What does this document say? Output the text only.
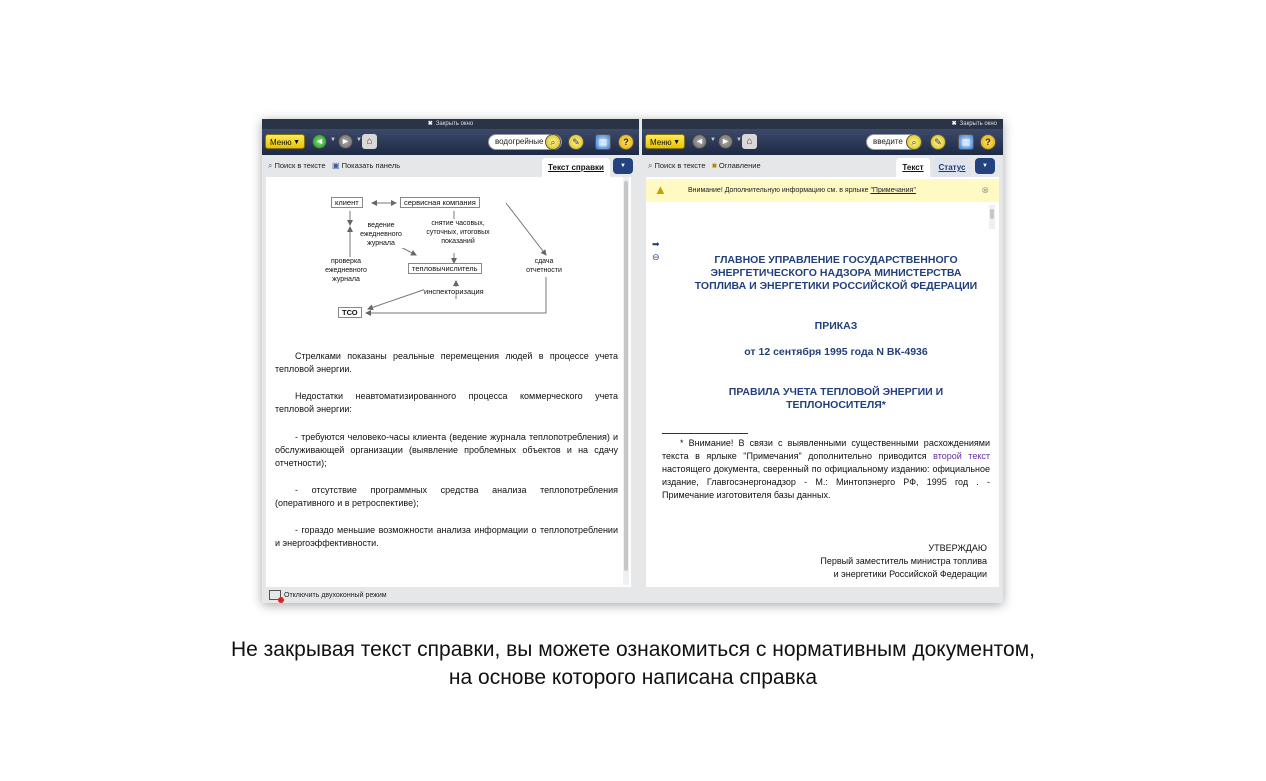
✖ Закрыть окно
Меню ▼	◄	▼ ►	▼ ⌂	водогрейные ⌕	✎	▤	?
⌕ Поиск в тексте ▣ Показать панель	Текст справки	▼
клиент	сервисная компания
ведение ежедневного журнала
снятие часовых, суточных, итоговых показаний
тепловычислитель
сдача отчетности
проверка ежедневного журнала
инспекторизация
ТСО
Стрелками показаны реальные перемещения людей в процессе учета тепловой энергии.
Недостатки неавтоматизированного процесса коммерческого учета тепловой энергии:
- требуются человеко-часы клиента (ведение журнала теплопотребления) и обслуживающей организации (выявление проблемных объектов и на сдачу отчетности);
- отсутствие программных средства анализа теплопотребления (оперативного и в ретроспективе);
- гораздо меньшие возможности анализа информации о теплопотреблении и энергоэффективности.
✖ Закрыть окно
Меню ▼	◄	▼ ►	▼ ⌂	введите ⌕	✎	▤	?
⌕ Поиск в тексте ■ Оглавление	Текст	Статус	▼
▲	Внимание! Дополнительную информацию см. в ярлыке "Примечания"	⊗
➡
⊖	ГЛАВНОЕ УПРАВЛЕНИЕ ГОСУДАРСТВЕННОГО ЭНЕРГЕТИЧЕСКОГО НАДЗОРА МИНИСТЕРСТВА ТОПЛИВА И ЭНЕРГЕТИКИ РОССИЙСКОЙ ФЕДЕРАЦИИ
ПРИКАЗ
от 12 сентября 1995 года N ВК-4936
ПРАВИЛА УЧЕТА ТЕПЛОВОЙ ЭНЕРГИИ И ТЕПЛОНОСИТЕЛЯ*
* Внимание! В связи с выявленными существенными расхождениями текста в ярлыке "Примечания" дополнительно приводится второй текст настоящего документа, сверенный по официальному изданию: официальное издание, Главгосэнергонадзор - М.: Минтопэнерго РФ, 1995 год . - Примечание изготовителя базы данных.
УТВЕРЖДАЮ
Первый заместитель министра топлива
и энергетики Российской Федерации
Отключить двухоконный режим
Не закрывая текст справки, вы можете ознакомиться с нормативным документом,
на основе которого написана справка
